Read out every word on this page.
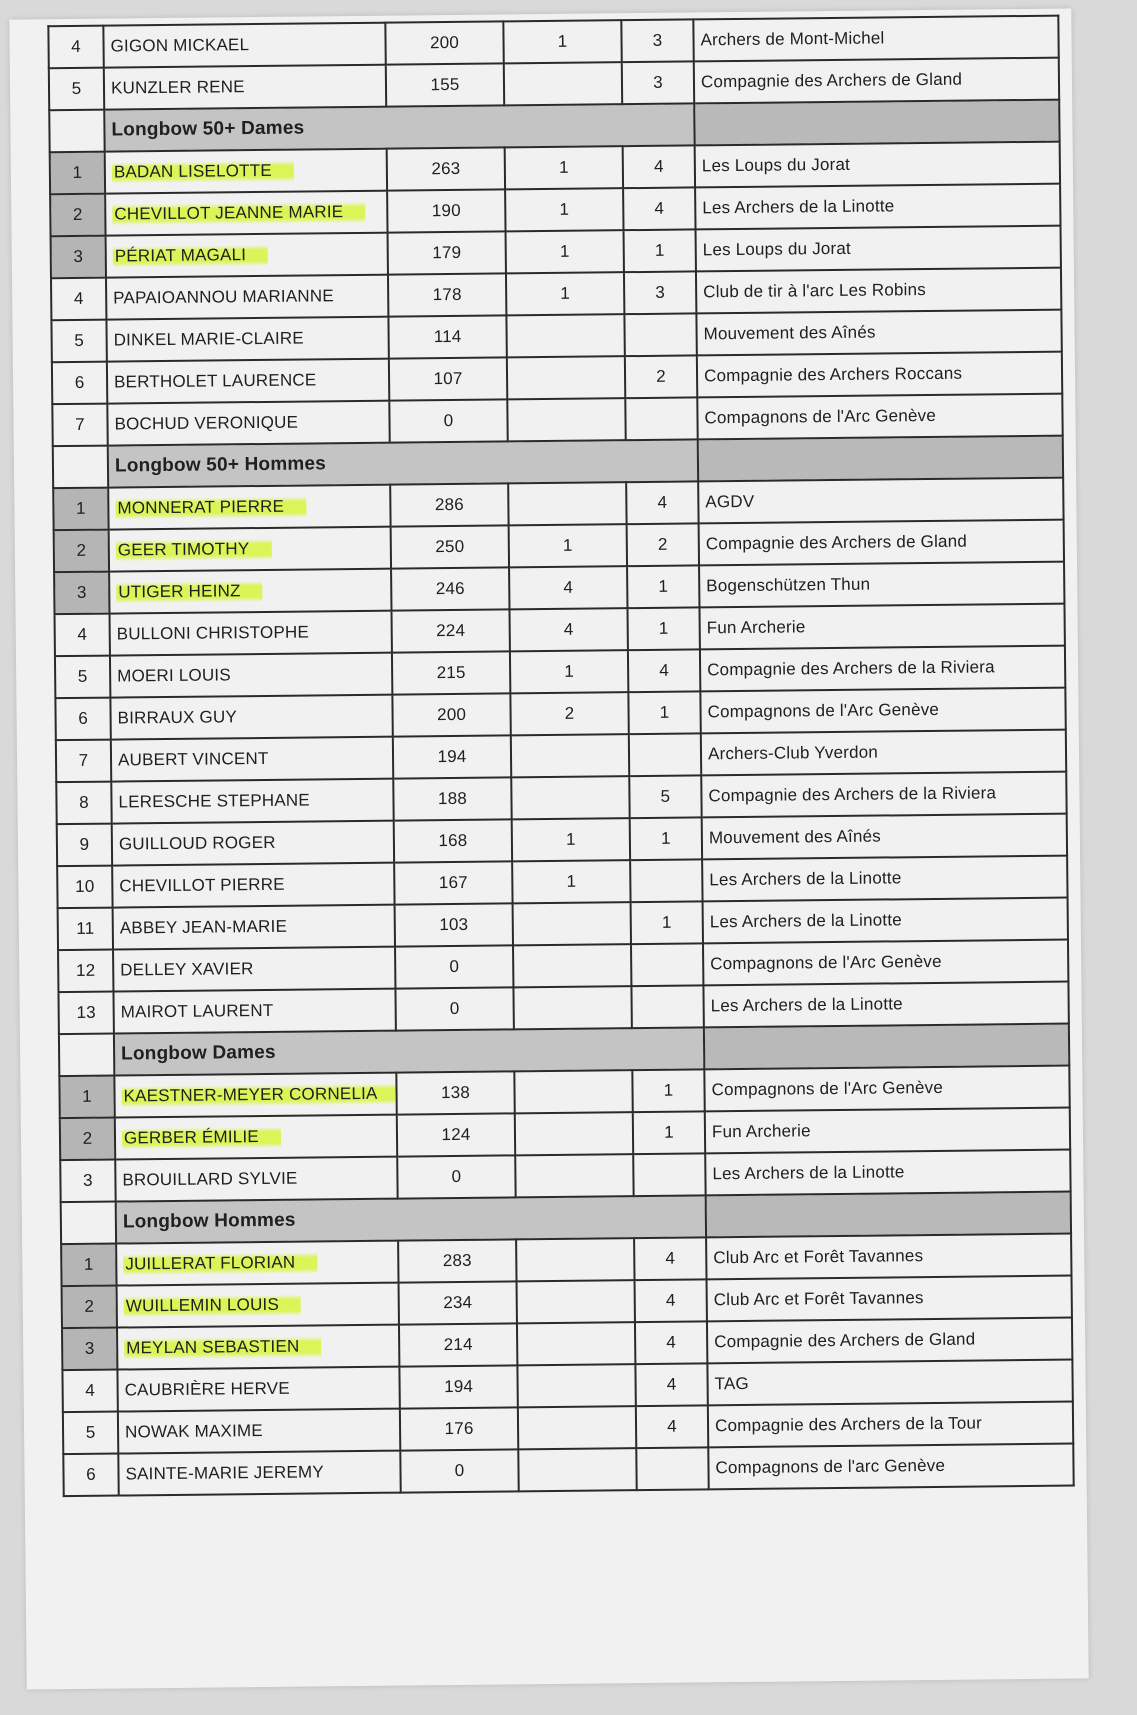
4	GIGON MICKAEL	200	1	3	Archers de Mont-Michel
5	KUNZLER RENE	155		3	Compagnie des Archers de Gland
	Longbow 50+ Dames				
1	BADAN LISELOTTE	263	1	4	Les Loups du Jorat
2	CHEVILLOT JEANNE MARIE	190	1	4	Les Archers de la Linotte
3	PÉRIAT MAGALI	179	1	1	Les Loups du Jorat
4	PAPAIOANNOU MARIANNE	178	1	3	Club de tir à l'arc Les Robins
5	DINKEL MARIE-CLAIRE	114			Mouvement des Aînés
6	BERTHOLET LAURENCE	107		2	Compagnie des Archers Roccans
7	BOCHUD VERONIQUE	0			Compagnons de l'Arc Genève
	Longbow 50+ Hommes				
1	MONNERAT PIERRE	286		4	AGDV
2	GEER TIMOTHY	250	1	2	Compagnie des Archers de Gland
3	UTIGER HEINZ	246	4	1	Bogenschützen Thun
4	BULLONI CHRISTOPHE	224	4	1	Fun Archerie
5	MOERI LOUIS	215	1	4	Compagnie des Archers de la Riviera
6	BIRRAUX GUY	200	2	1	Compagnons de l'Arc Genève
7	AUBERT VINCENT	194			Archers-Club Yverdon
8	LERESCHE STEPHANE	188		5	Compagnie des Archers de la Riviera
9	GUILLOUD ROGER	168	1	1	Mouvement des Aînés
10	CHEVILLOT PIERRE	167	1		Les Archers de la Linotte
11	ABBEY JEAN-MARIE	103		1	Les Archers de la Linotte
12	DELLEY XAVIER	0			Compagnons de l'Arc Genève
13	MAIROT LAURENT	0			Les Archers de la Linotte
	Longbow Dames				
1	KAESTNER-MEYER CORNELIA	138		1	Compagnons de l'Arc Genève
2	GERBER ÉMILIE	124		1	Fun Archerie
3	BROUILLARD SYLVIE	0			Les Archers de la Linotte
	Longbow Hommes				
1	JUILLERAT FLORIAN	283		4	Club Arc et Forêt Tavannes
2	WUILLEMIN LOUIS	234		4	Club Arc et Forêt Tavannes
3	MEYLAN SEBASTIEN	214		4	Compagnie des Archers de Gland
4	CAUBRIÈRE HERVE	194		4	TAG
5	NOWAK MAXIME	176		4	Compagnie des Archers de la Tour
6	SAINTE-MARIE JEREMY	0			Compagnons de l'arc Genève
